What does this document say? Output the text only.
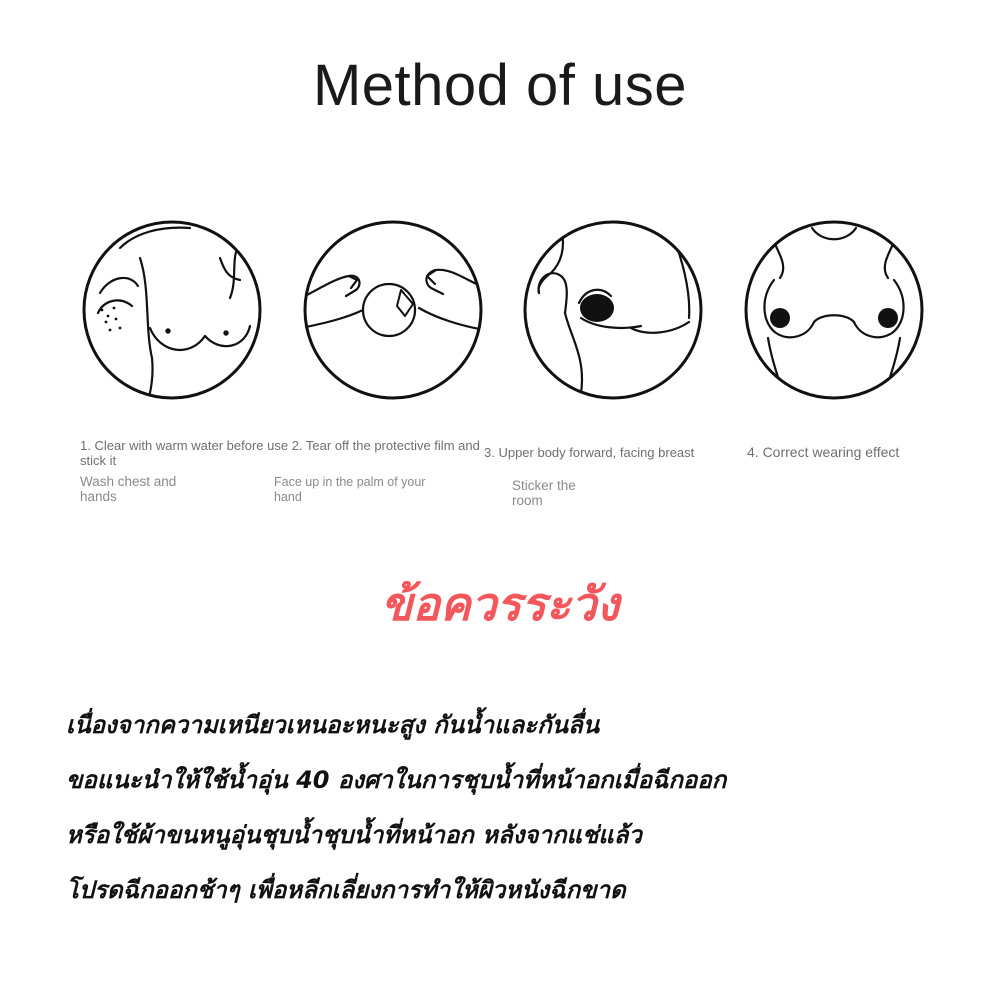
Method of use
1. Clear with warm water before use 2. Tear off the protective film and
stick it
Wash chest and
hands
Face up in the palm of your
hand
3. Upper body forward, facing breast
Sticker the
room
4. Correct wearing effect
ข้อควรระวัง
เนื่องจากความเหนียวเหนอะหนะสูง กันน้ำและกันลื่น
ขอแนะนำให้ใช้น้ำอุ่น 40 องศาในการชุบน้ำที่หน้าอกเมื่อฉีกออก
หรือใช้ผ้าขนหนูอุ่นชุบน้ำชุบน้ำที่หน้าอก หลังจากแช่แล้ว
โปรดฉีกออกช้าๆ เพื่อหลีกเลี่ยงการทำให้ผิวหนังฉีกขาด
